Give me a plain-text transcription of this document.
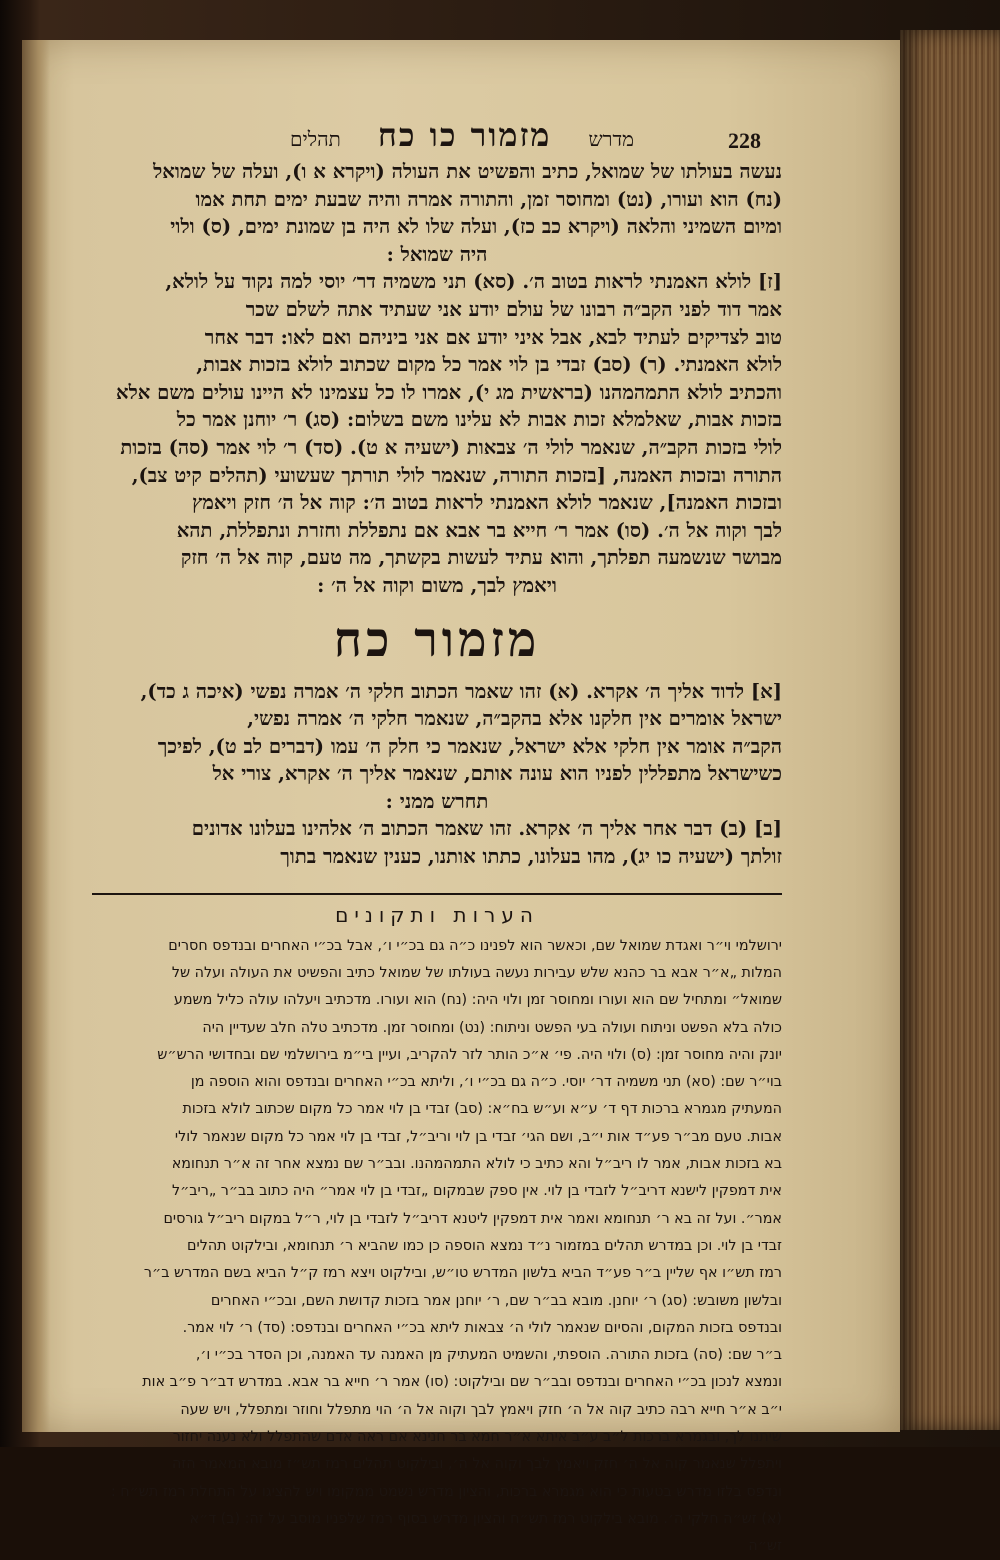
228
מדרש מזמור כו כח תהלים

נעשה בעולתו של שמואל, כתיב והפשיט את העולה (ויקרא א ו), ועלה של שמואל

(נח) הוא ועורו, (נט) ומחוסר זמן, והתורה אמרה והיה שבעת ימים תחת אמו

ומיום השמיני והלאה (ויקרא כב כז), ועלה שלו לא היה בן שמונת ימים, (ס) ולוי

היה שמואל :

[ז] לולא האמנתי לראות בטוב ה׳. (סא) תני משמיה דר׳ יוסי למה נקוד על לולא,

אמר דוד לפני הקב״ה רבונו של עולם יודע אני שעתיד אתה לשלם שכר

טוב לצדיקים לעתיד לבא, אבל איני יודע אם אני ביניהם ואם לאו: דבר אחר

לולא האמנתי. (ר) (סב) זבדי בן לוי אמר כל מקום שכתוב לולא בזכות אבות,

והכתיב לולא התמהמהנו (בראשית מג י), אמרו לו כל עצמינו לא היינו עולים משם אלא

בזכות אבות, שאלמלא זכות אבות לא עלינו משם בשלום: (סג) ר׳ יוחנן אמר כל

לולי בזכות הקב״ה, שנאמר לולי ה׳ צבאות (ישעיה א ט). (סד) ר׳ לוי אמר (סה) בזכות

התורה ובזכות האמנה, [בזכות התורה, שנאמר לולי תורתך שעשועי (תהלים קיט צב),

ובזכות האמנה], שנאמר לולא האמנתי לראות בטוב ה׳: קוה אל ה׳ חזק ויאמץ

לבך וקוה אל ה׳. (סו) אמר ר׳ חייא בר אבא אם נתפללת וחזרת ונתפללת, תהא

מבושר שנשמעה תפלתך, והוא עתיד לעשות בקשתך, מה טעם, קוה אל ה׳ חזק

ויאמץ לבך, משום וקוה אל ה׳ :

מזמור כח

[א] לדוד אליך ה׳ אקרא. (א) זהו שאמר הכתוב חלקי ה׳ אמרה נפשי (איכה ג כד),

ישראל אומרים אין חלקנו אלא בהקב״ה, שנאמר חלקי ה׳ אמרה נפשי,

הקב״ה אומר אין חלקי אלא ישראל, שנאמר כי חלק ה׳ עמו (דברים לב ט), לפיכך

כשישראל מתפללין לפניו הוא עונה אותם, שנאמר אליך ה׳ אקרא, צורי אל

תחרש ממני :

[ב] (ב) דבר אחר אליך ה׳ אקרא. זהו שאמר הכתוב ה׳ אלהינו בעלונו אדונים

זולתך (ישעיה כו יג), מהו בעלונו, כתתו אותנו, כענין שנאמר בתוך

הערות ותקונים

ירושלמי וי״ר ואגדת שמואל שם, וכאשר הוא לפנינו כ״ה גם בכ״י ו׳, אבל בכ״י האחרים ובנדפס חסרים

המלות „א״ר אבא בר כהנא שלש עבירות נעשה בעולתו של שמואל כתיב והפשיט את העולה ועלה של

שמואל״ ומתחיל שם הוא ועורו ומחוסר זמן ולוי היה: (נח) הוא ועורו. מדכתיב ויעלהו עולה כליל משמע

כולה בלא הפשט וניתוח ועולה בעי הפשט וניתוח: (נט) ומחוסר זמן. מדכתיב טלה חלב שעדיין היה

יונק והיה מחוסר זמן: (ס) ולוי היה. פי׳ א״כ הותר לזר להקריב, ועיין בי״מ בירושלמי שם ובחדושי הרש״ש

בוי״ר שם: (סא) תני משמיה דר׳ יוסי. כ״ה גם בכ״י ו׳, וליתא בכ״י האחרים ובנדפס והוא הוספה מן

המעתיק מגמרא ברכות דף ד׳ ע״א וע״ש בח״א: (סב) זבדי בן לוי אמר כל מקום שכתוב לולא בזכות

אבות. טעם מב״ר פע״ד אות י״ב, ושם הגי׳ זבדי בן לוי וריב״ל, זבדי בן לוי אמר כל מקום שנאמר לולי

בא בזכות אבות, אמר לו ריב״ל והא כתיב כי לולא התמהמהנו. ובב״ר שם נמצא אחר זה א״ר תנחומא

אית דמפקין לישנא דריב״ל לזבדי בן לוי. אין ספק שבמקום „זבדי בן לוי אמר״ היה כתוב בב״ר „ריב״ל

אמר״. ועל זה בא ר׳ תנחומא ואמר אית דמפקין ליטנא דריב״ל לזבדי בן לוי, ר״ל במקום ריב״ל גורסים

זבדי בן לוי. וכן במדרש תהלים במזמור נ״ד נמצא הוספה כן כמו שהביא ר׳ תנחומא, ובילקוט תהלים

רמז תש״ו אף שליין ב״ר פע״ד הביא בלשון המדרש טו״ש, ובילקוט ויצא רמז ק״ל הביא בשם המדרש ב״ר

ובלשון משובש: (סג) ר׳ יוחנן. מובא בב״ר שם, ר׳ יוחנן אמר בזכות קדושת השם, ובכ״י האחרים

ובנדפס בזכות המקום, והסיום שנאמר לולי ה׳ צבאות ליתא בכ״י האחרים ובנדפס: (סד) ר׳ לוי אמר.

ב״ר שם: (סה) בזכות התורה. הוספתי, והשמיט המעתיק מן האמנה עד האמנה, וכן הסדר בכ״י ו׳,

ונמצא לנכון בכ״י האחרים ובנדפס ובב״ר שם ובילקוט: (סו) אמר ר׳ חייא בר אבא. במדרש דב״ר פ״ב אות

י״ב א״ר חייא רבה כתיב קוה אל ה׳ חזק ויאמץ לבך וקוה אל ה׳ הוי מתפלל וחוזר ומתפלל, ויש שעה

שיתנו לך, ובגמרא ברכות ל״ב ע״ב איתא א״ר חמא בר חנינא אם ראה אדם שהתפלל ולא נענה יחזור

ויתפלל שנאמר קוה אל ה׳ חזק ויאמץ לבך וקוה אל ה׳, ובילקוט תהלים רמז תש״ז מובא המאמר הזה

ונדפס בלזו מדרש בטעות כי הוא מגמרא ברכות, והציון מדרש נשמט ממקומו ויש להציגו על התחלת רמז תש״ח :

(א) זש״ה חלקי ה׳. מובא בילקוט רמז תש״ח והציון מדרש בסוף רמז שלפניו מוסב על זה: (ב) ד״א

זש״ה
